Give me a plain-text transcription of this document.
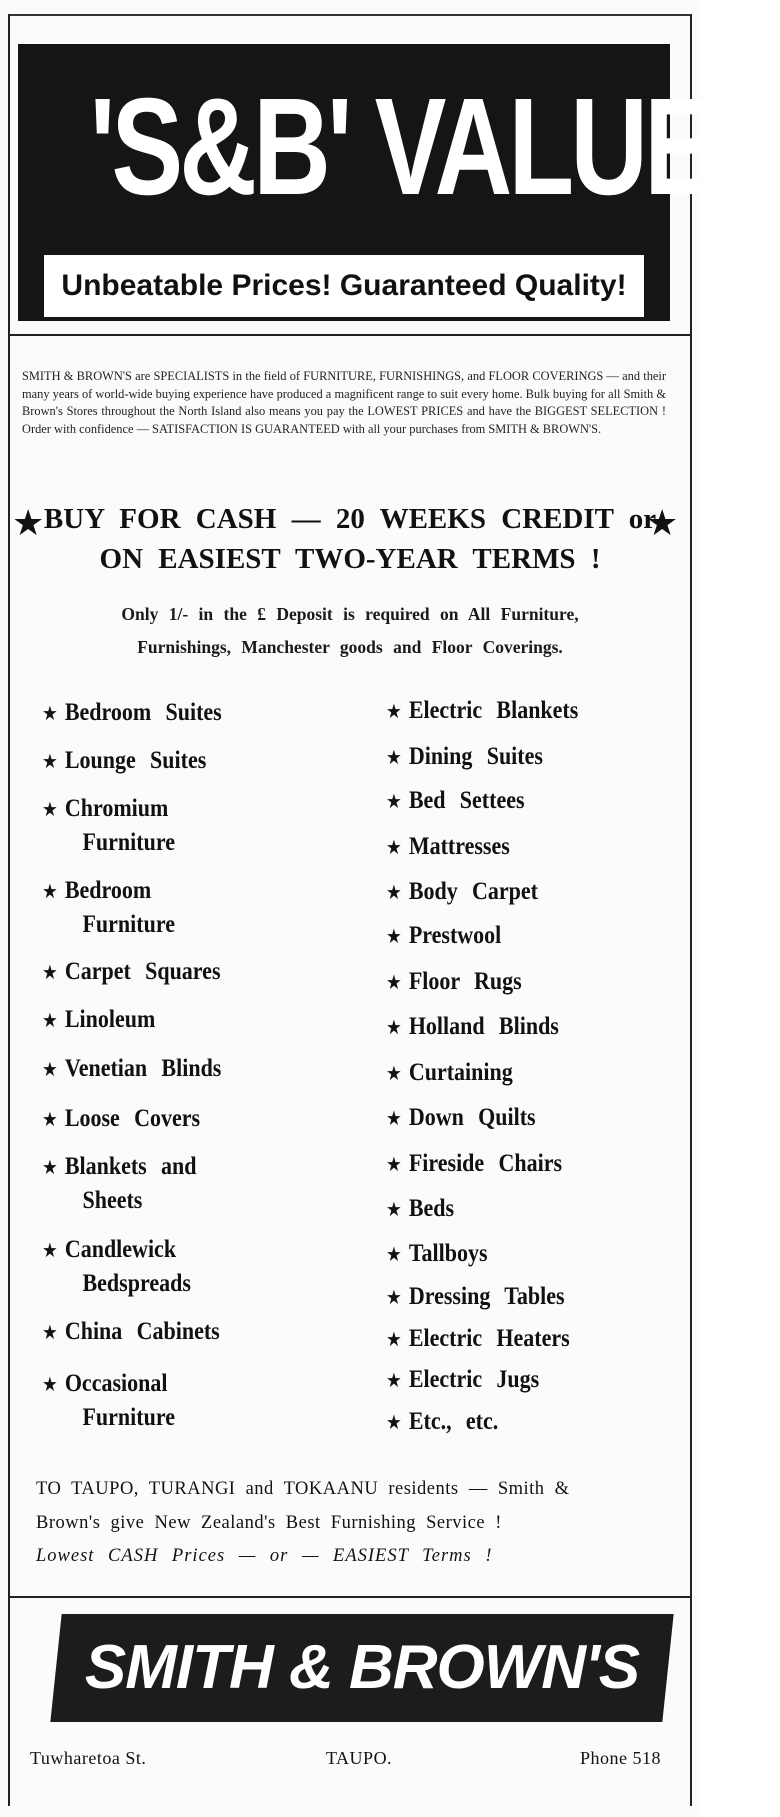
'S&B' VALUES
Unbeatable Prices! Guaranteed Quality!
SMITH & BROWN'S are SPECIALISTS in the field of FURNITURE, FURNISHINGS, and FLOOR COVERINGS — and their many years of world-wide buying experience have produced a magnificent range to suit every home. Bulk buying for all Smith & Brown's Stores throughout the North Island also means you pay the LOWEST PRICES and have the BIGGEST SELECTION ! Order with confidence — SATISFACTION IS GUARANTEED with all your purchases from SMITH & BROWN'S.
★	★
BUY FOR CASH — 20 WEEKS CREDIT or
ON EASIEST TWO-YEAR TERMS !
Only 1/- in the £ Deposit is required on All Furniture,
Furnishings, Manchester goods and Floor Coverings.
★ Bedroom Suites
★ Lounge Suites
★ Chromium
Furniture
★ Bedroom
Furniture
★ Carpet Squares
★ Linoleum
★ Venetian Blinds
★ Loose Covers
★ Blankets and
Sheets
★ Candlewick
Bedspreads
★ China Cabinets
★ Occasional
Furniture
★ Electric Blankets
★ Dining Suites
★ Bed Settees
★ Mattresses
★ Body Carpet
★ Prestwool
★ Floor Rugs
★ Holland Blinds
★ Curtaining
★ Down Quilts
★ Fireside Chairs
★ Beds
★ Tallboys
★ Dressing Tables
★ Electric Heaters
★ Electric Jugs
★ Etc., etc.
TO TAUPO, TURANGI and TOKAANU residents — Smith &
Brown's give New Zealand's Best Furnishing Service !
Lowest CASH Prices — or — EASIEST Terms !
SMITH & BROWN'S
Tuwharetoa St.	TAUPO.	Phone 518
